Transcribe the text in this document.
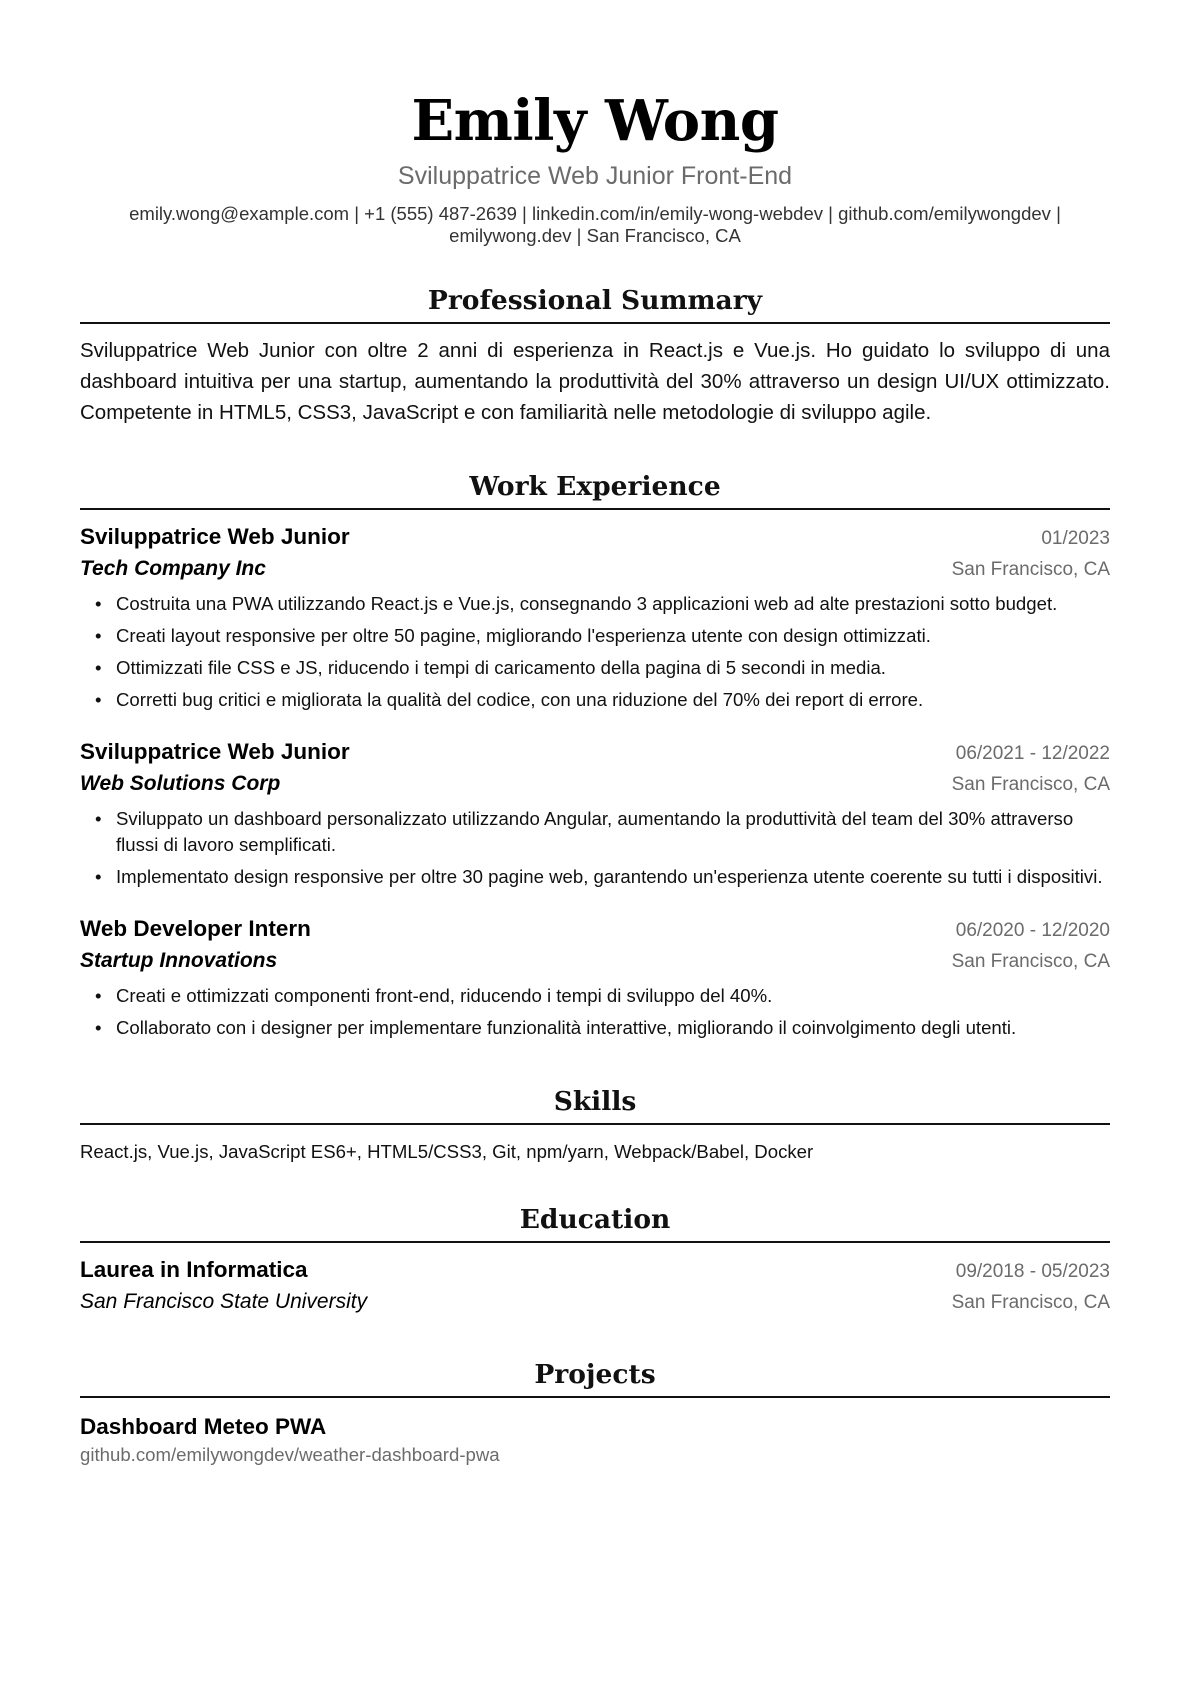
Emily Wong
Sviluppatrice Web Junior Front-End
emily.wong@example.com | +1 (555) 487-2639 | linkedin.com/in/emily-wong-webdev | github.com/emilywongdev |
emilywong.dev | San Francisco, CA
Professional Summary
Sviluppatrice Web Junior con oltre 2 anni di esperienza in React.js e Vue.js. Ho guidato lo sviluppo di una dashboard intuitiva per una startup, aumentando la produttività del 30% attraverso un design UI/UX ottimizzato. Competente in HTML5, CSS3, JavaScript e con familiarità nelle metodologie di sviluppo agile.
Work Experience
Sviluppatrice Web Junior	01/2023
Tech Company Inc	San Francisco, CA
• Costruita una PWA utilizzando React.js e Vue.js, consegnando 3 applicazioni web ad alte prestazioni sotto budget.
• Creati layout responsive per oltre 50 pagine, migliorando l'esperienza utente con design ottimizzati.
• Ottimizzati file CSS e JS, riducendo i tempi di caricamento della pagina di 5 secondi in media.
• Corretti bug critici e migliorata la qualità del codice, con una riduzione del 70% dei report di errore.
Sviluppatrice Web Junior	06/2021 - 12/2022
Web Solutions Corp	San Francisco, CA
• Sviluppato un dashboard personalizzato utilizzando Angular, aumentando la produttività del team del 30% attraverso flussi di lavoro semplificati.
• Implementato design responsive per oltre 30 pagine web, garantendo un'esperienza utente coerente su tutti i dispositivi.
Web Developer Intern	06/2020 - 12/2020
Startup Innovations	San Francisco, CA
• Creati e ottimizzati componenti front-end, riducendo i tempi di sviluppo del 40%.
• Collaborato con i designer per implementare funzionalità interattive, migliorando il coinvolgimento degli utenti.
Skills
React.js, Vue.js, JavaScript ES6+, HTML5/CSS3, Git, npm/yarn, Webpack/Babel, Docker
Education
Laurea in Informatica	09/2018 - 05/2023
San Francisco State University	San Francisco, CA
Projects
Dashboard Meteo PWA
github.com/emilywongdev/weather-dashboard-pwa
